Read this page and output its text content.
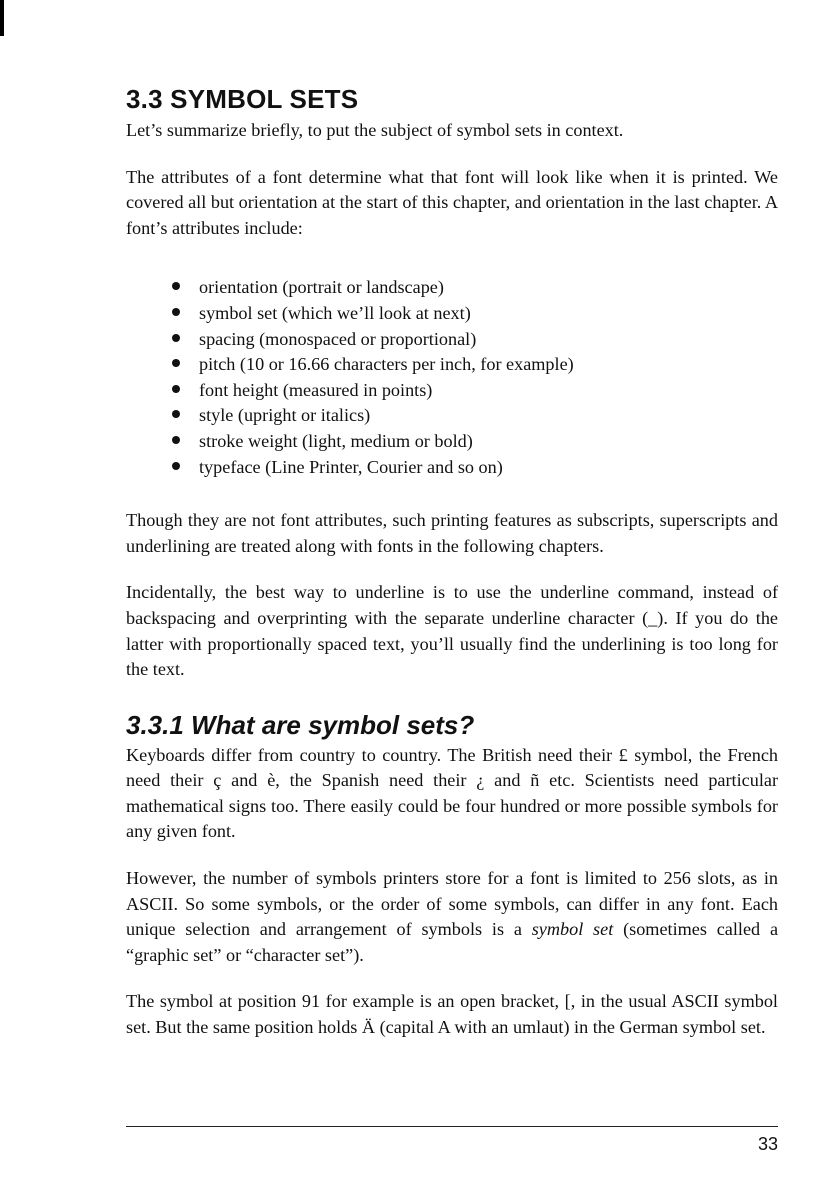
3.3 SYMBOL SETS

Let’s summarize briefly, to put the subject of symbol sets in context.

The attributes of a font determine what that font will look like when it is printed. We covered all but orientation at the start of this chapter, and orientation in the last chapter. A font’s attributes include:

orientation (portrait or landscape)
symbol set (which we’ll look at next)
spacing (monospaced or proportional)
pitch (10 or 16.66 characters per inch, for example)
font height (measured in points)
style (upright or italics)
stroke weight (light, medium or bold)
typeface (Line Printer, Courier and so on)

Though they are not font attributes, such printing features as subscripts, superscripts and underlining are treated along with fonts in the following chapters.

Incidentally, the best way to underline is to use the underline command, instead of backspacing and overprinting with the separate underline character (_). If you do the latter with proportionally spaced text, you’ll usually find the underlining is too long for the text.

3.3.1 What are symbol sets?

Keyboards differ from country to country. The British need their £ symbol, the French need their ç and è, the Spanish need their ¿ and ñ etc. Scientists need particular mathematical signs too. There easily could be four hundred or more possible symbols for any given font.

However, the number of symbols printers store for a font is limited to 256 slots, as in ASCII. So some symbols, or the order of some symbols, can differ in any font. Each unique selection and arrangement of symbols is a symbol set (sometimes called a “graphic set” or “character set”).

The symbol at position 91 for example is an open bracket, [, in the usual ASCII symbol set. But the same position holds Ä (capital A with an umlaut) in the German symbol set.

33
